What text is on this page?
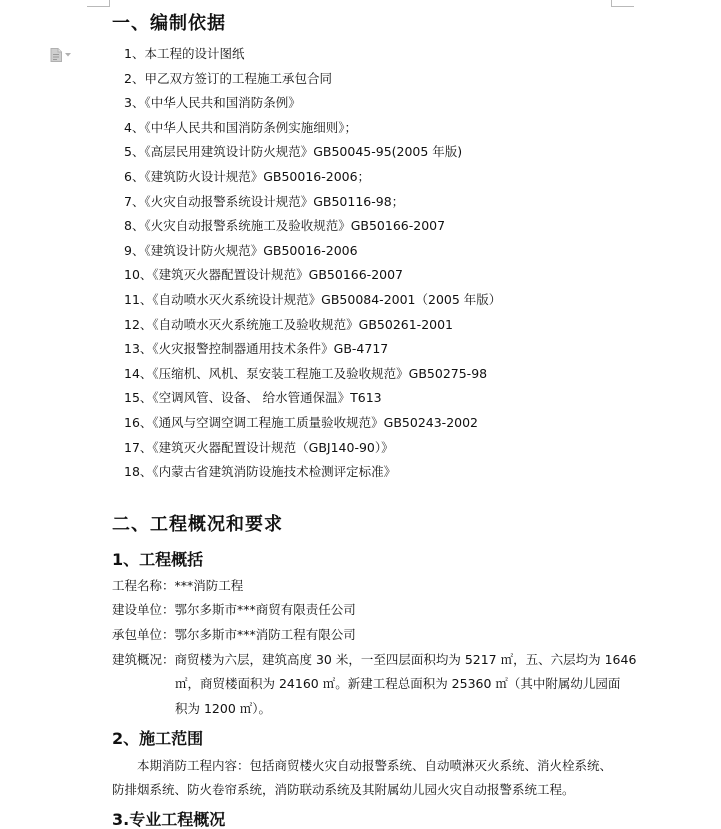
一、编制依据
1、本工程的设计图纸
2、甲乙双方签订的工程施工承包合同
3、《中华人民共和国消防条例》
4、《中华人民共和国消防条例实施细则》；
5、《高层民用建筑设计防火规范》GB50045-95(2005 年版)
6、《建筑防火设计规范》GB50016-2006；
7、《火灾自动报警系统设计规范》GB50116-98；
8、《火灾自动报警系统施工及验收规范》GB50166-2007
9、《建筑设计防火规范》GB50016-2006
10、《建筑灭火器配置设计规范》GB50166-2007
11、《自动喷水灭火系统设计规范》GB50084-2001（2005 年版）
12、《自动喷水灭火系统施工及验收规范》GB50261-2001
13、《火灾报警控制器通用技术条件》GB-4717
14、《压缩机、风机、泵安装工程施工及验收规范》GB50275-98
15、《空调风管、设备、 给水管通保温》T613
16、《通风与空调空调工程施工质量验收规范》GB50243-2002
17、《建筑灭火器配置设计规范（GBJ140-90）》
18、《内蒙古省建筑消防设施技术检测评定标准》
二、工程概况和要求
1、工程概括
工程名称：***消防工程
建设单位：鄂尔多斯市***商贸有限责任公司
承包单位：鄂尔多斯市***消防工程有限公司
建筑概况：商贸楼为六层，建筑高度 30 米，一至四层面积均为 5217 ㎡，五、六层均为 1646
㎡，商贸楼面积为 24160 ㎡。新建工程总面积为 25360 ㎡（其中附属幼儿园面
积为 1200 ㎡）。
2、施工范围
　　本期消防工程内容：包括商贸楼火灾自动报警系统、自动喷淋灭火系统、消火栓系统、
防排烟系统、防火卷帘系统，消防联动系统及其附属幼儿园火灾自动报警系统工程。
3.专业工程概况
